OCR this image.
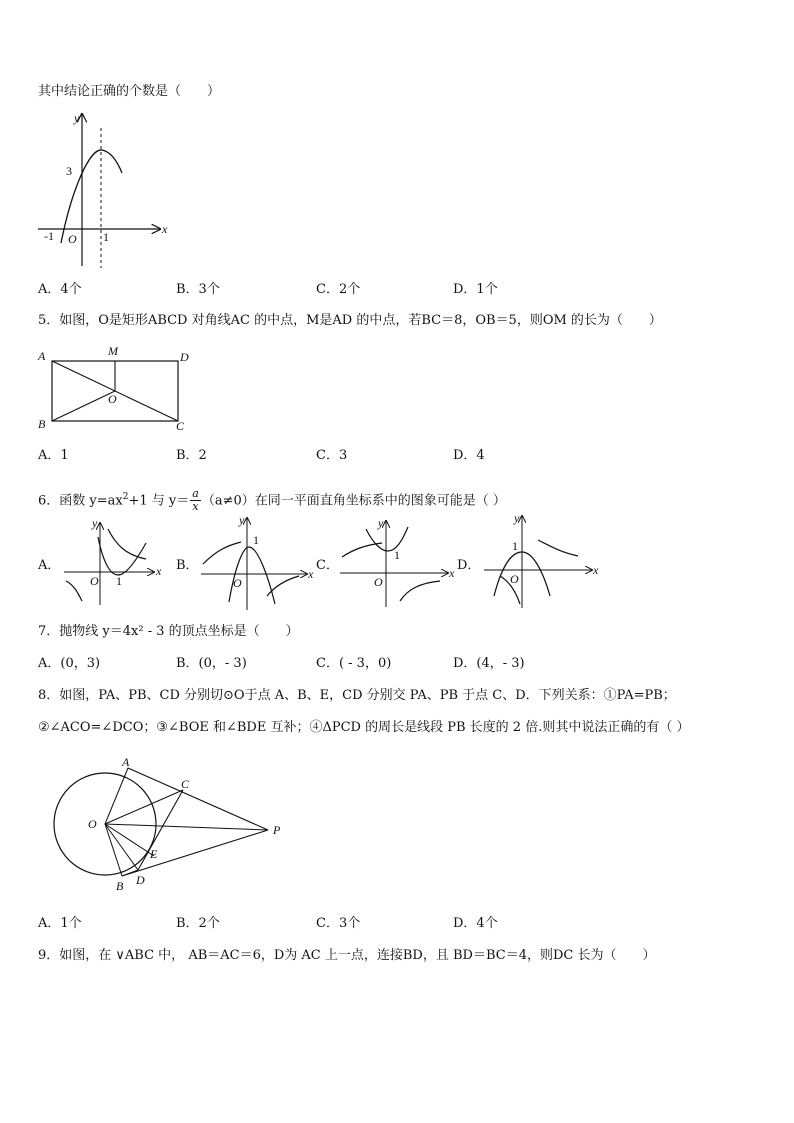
其中结论正确的个数是（　　）
y
x
3
-1 O 1
A．4个	B．3个	C．2个	D．1个
5．如图，O是矩形ABCD 对角线AC 的中点，M是AD 的中点，若BC＝8，OB＝5，则OM 的长为（　　）
A	M	D
O
B	C
A．1	B．2	C．3	D．4
6．函数 $y=ax^2+1$ 与 $y= \frac{a}{x} (a\ne 0)$在同一平面直角坐标系中的图象可能是（ ）
A．	B．	C．	D．
y
x
O 1
y
x
O
1
y
x
O
1
y
x
O
1
7．抛物线 y＝4x² - 3 的顶点坐标是（　　）
A．(0，3)	B．(0，- 3)	C．( - 3，0)	D．(4，- 3)
8．如图，PA、PB、CD 分别切⊙O于点 A、B、E，CD 分别交 PA、PB 于点 C、D．下列关系：①PA=PB；
②∠ACO=∠DCO；③∠BOE 和∠BDE 互补；④ΔPCD 的周长是线段 PB 长度的 2 倍.则其中说法正确的有（ ）
A
C
O	P
E
B D
A．1个	B．2个	C．3个	D．4个
9．如图，在 ∨ABC 中， AB＝AC＝6，D为 AC 上一点，连接BD，且 BD＝BC＝4，则DC 长为（　　）
